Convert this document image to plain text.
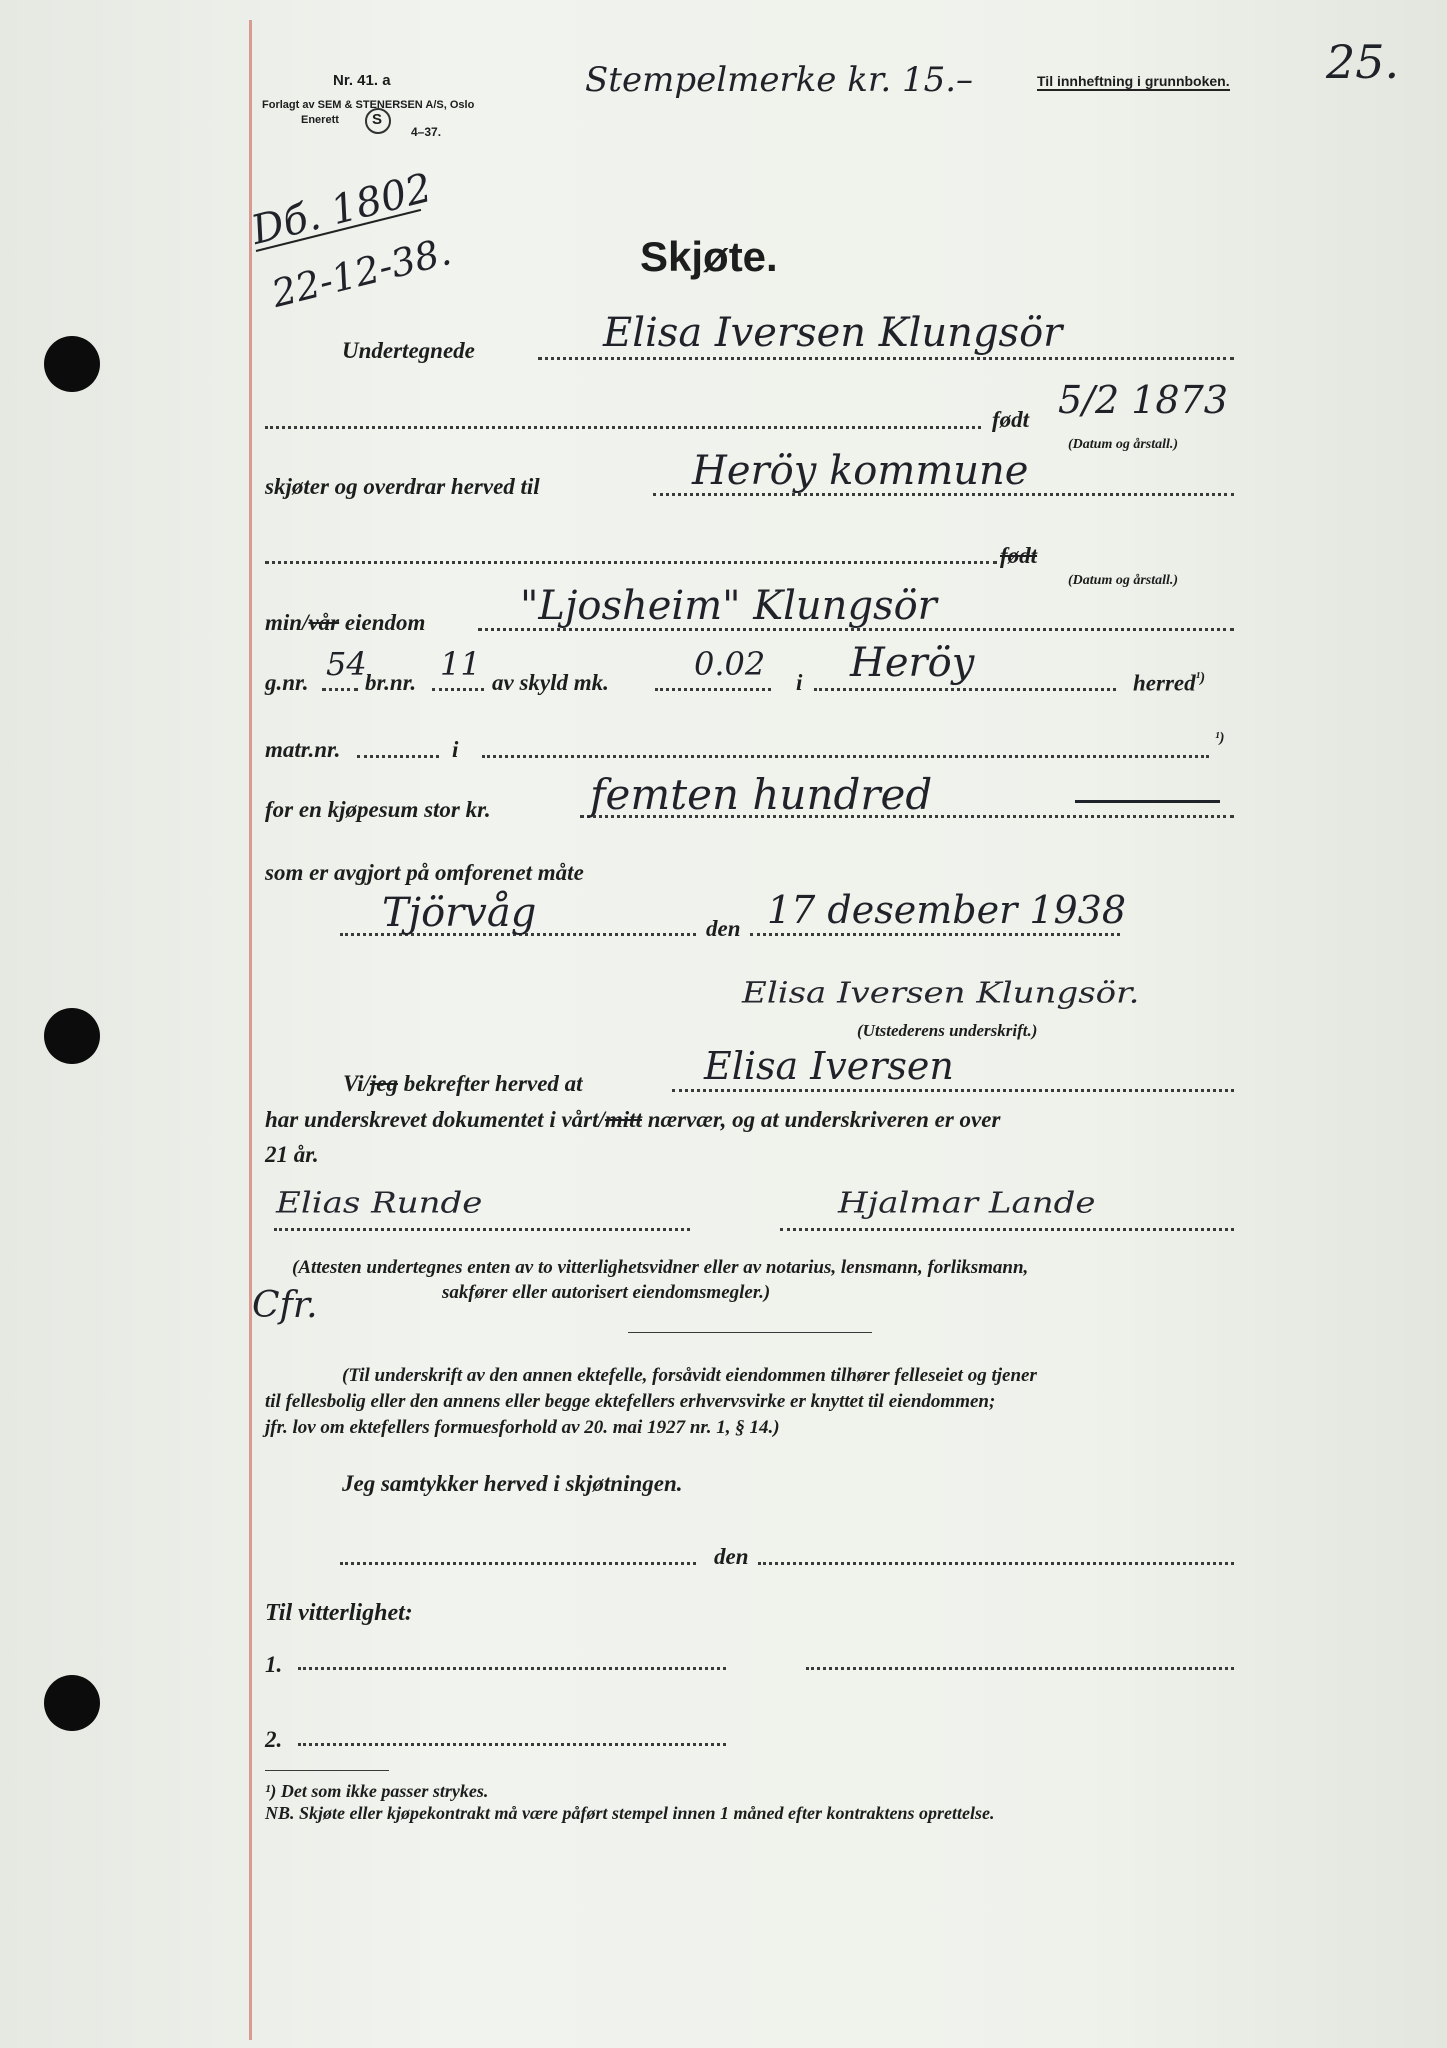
Nr. 41. a
Forlagt av SEM & STENERSEN A/S, Oslo
S
Enerett
4–37.
Stempelmerke kr. 15.–	Til innheftning i grunnboken. 25.
Dб. 1802
22-12-38.	Skjøte.
Undertegnede	Elisa Iversen Klungsör
født 5/2 1873
(Datum og årstall.)
skjøter og overdrar herved til	Heröy kommune
født
(Datum og årstall.)
min/vår eiendom "Ljosheim" Klungsör
g.nr. 54
br.nr. 11 av skyld mk.	0.02 i Heröy	herred$^{^1)}$
matr.nr.	i	¹)
for en kjøpesum stor kr. femten hundred
som er avgjort på omforenet måte
Tjörvåg	den 17 desember 1938
Elisa Iversen Klungsör.
(Utstederens underskrift.)
Vi/jeg bekrefter herved at	Elisa Iversen
har underskrevet dokumentet i vårt/mitt nærvær, og at underskriveren er over
21 år.
Elias Runde	Hjalmar Lande
(Attesten undertegnes enten av to vitterlighetsvidner eller av notarius, lensmann, forliksmann,
sakfører eller autorisert eiendomsmegler.)
Cfr.
(Til underskrift av den annen ektefelle, forsåvidt eiendommen tilhører felleseiet og tjener
til fellesbolig eller den annens eller begge ektefellers erhvervsvirke er knyttet til eiendommen;
jfr. lov om ektefellers formuesforhold av 20. mai 1927 nr. 1, § 14.)
Jeg samtykker herved i skjøtningen.
den
Til vitterlighet:
1.
2.
¹) Det som ikke passer strykes.
NB. Skjøte eller kjøpekontrakt må være påført stempel innen 1 måned efter kontraktens oprettelse.
